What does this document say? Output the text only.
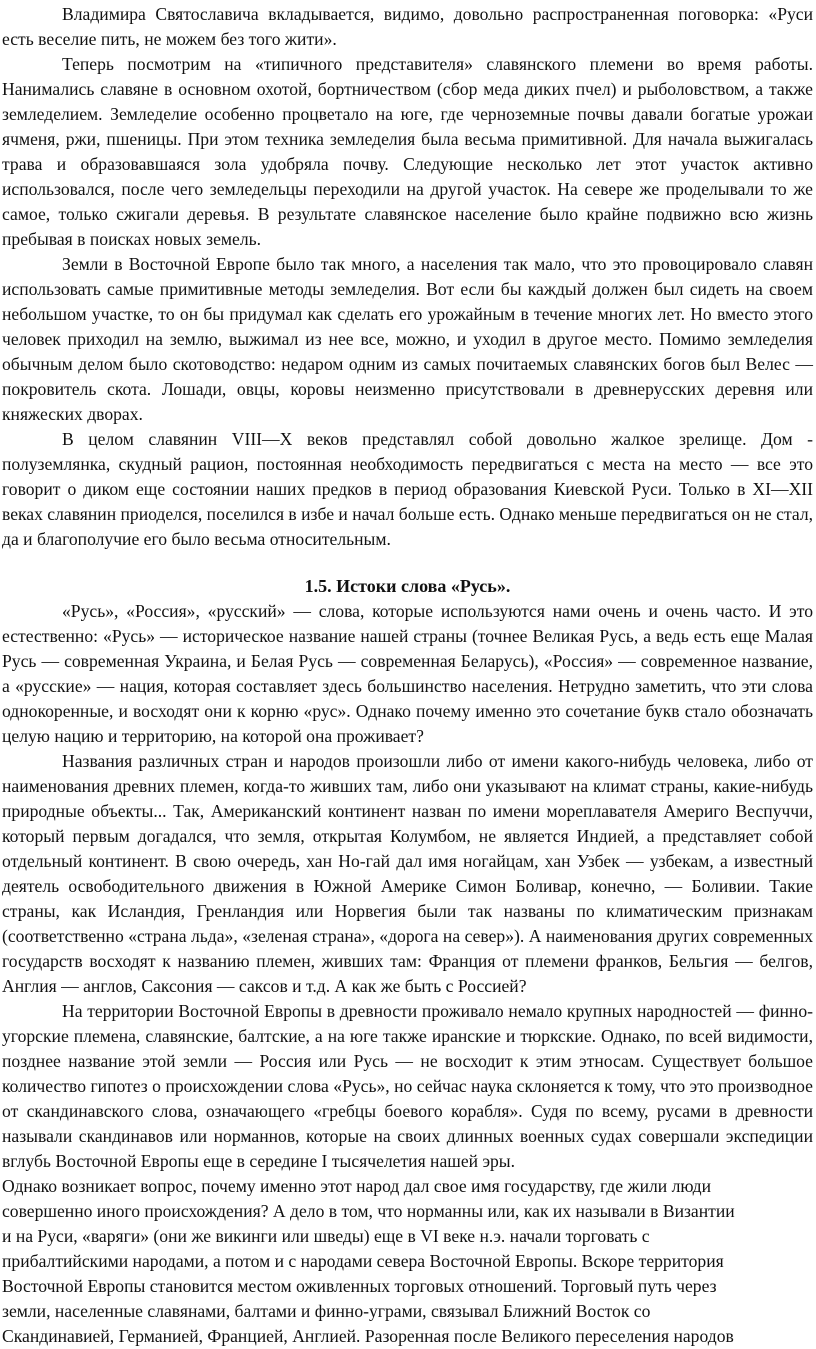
Владимира Святославича вкладывается, видимо, довольно распространенная поговорка: «Руси есть веселие пить, не можем без того жити».

Теперь посмотрим на «типичного представителя» славянского племени во время работы. Нанимались славяне в основном охотой, бортничеством (сбор меда диких пчел) и рыболовством, а также земледелием. Земледелие особенно процветало на юге, где черноземные почвы давали богатые урожаи ячменя, ржи, пшеницы. При этом техника земледелия была весьма примитивной. Для начала выжигалась трава и образовавшаяся зола удобряла почву. Следующие несколько лет этот участок активно использовался, после чего земледельцы переходили на другой участок. На севере же проделывали то же самое, только сжигали деревья. В результате славянское население было крайне подвижно всю жизнь пребывая в поисках новых земель.

Земли в Восточной Европе было так много, а населения так мало, что это провоцировало славян использовать самые примитивные методы земледелия. Вот если бы каждый должен был сидеть на своем небольшом участке, то он бы придумал как сделать его урожайным в течение многих лет. Но вместо этого человек приходил на землю, выжимал из нее все, можно, и уходил в другое место. Помимо земледелия обычным делом было скотоводство: недаром одним из самых почитаемых славянских богов был Велес — покровитель скота. Лошади, овцы, коровы неизменно присутствовали в древнерусских деревня или княжеских дворах.

В целом славянин VIII—X веков представлял собой довольно жалкое зрелище. Дом - полуземлянка, скудный рацион, постоянная необходимость передвигаться с места на место — все это говорит о диком еще состоянии наших предков в период образования Киевской Руси. Только в XI—XII веках славянин приоделся, поселился в избе и начал больше есть. Однако меньше передвигаться он не стал, да и благополучие его было весьма относительным.

1.5. Истоки слова «Русь».

«Русь», «Россия», «русский» — слова, которые используются нами очень и очень часто. И это естественно: «Русь» — историческое название нашей страны (точнее Великая Русь, а ведь есть еще Малая Русь — современная Украина, и Белая Русь — современная Беларусь), «Россия» — современное название, а «русские» — нация, которая составляет здесь большинство населения. Нетрудно заметить, что эти слова однокоренные, и восходят они к корню «рус». Однако почему именно это сочетание букв стало обозначать целую нацию и территорию, на которой она проживает?

Названия различных стран и народов произошли либо от имени какого-нибудь человека, либо от наименования древних племен, когда-то живших там, либо они указывают на климат страны, какие-нибудь природные объекты... Так, Американский континент назван по имени мореплавателя Америго Веспуччи, который первым догадался, что земля, открытая Колумбом, не является Индией, а представляет собой отдельный континент. В свою очередь, хан Но-гай дал имя ногайцам, хан Узбек — узбекам, а известный деятель освободительного движения в Южной Америке Симон Боливар, конечно, — Боливии. Такие страны, как Исландия, Гренландия или Норвегия были так названы по климатическим признакам (соответственно «страна льда», «зеленая страна», «дорога на север»). А наименования других современных государств восходят к названию племен, живших там: Франция от племени франков, Бельгия — белгов, Англия — англов, Саксония — саксов и т.д. А как же быть с Россией?

На территории Восточной Европы в древности проживало немало крупных народностей — финно-угорские племена, славянские, балтские, а на юге также иранские и тюркские. Однако, по всей видимости, позднее название этой земли — Россия или Русь — не восходит к этим этносам. Существует большое количество гипотез о происхождении слова «Русь», но сейчас наука склоняется к тому, что это производное от скандинавского слова, означающего «гребцы боевого корабля». Судя по всему, русами в древности называли скандинавов или норманнов, которые на своих длинных военных судах совершали экспедиции вглубь Восточной Европы еще в середине I тысячелетия нашей эры.

Однако возникает вопрос, почему именно этот народ дал свое имя государству, где жили люди
совершенно иного происхождения? А дело в том, что норманны или, как их называли в Византии
и на Руси, «варяги» (они же викинги или шведы) еще в VI веке н.э. начали торговать с
прибалтийскими народами, а потом и с народами севера Восточной Европы. Вскоре территория
Восточной Европы становится местом оживленных торговых отношений. Торговый путь через
земли, населенные славянами, балтами и финно-уграми, связывал Ближний Восток со
Скандинавией, Германией, Францией, Англией. Разоренная после Великого переселения народов
